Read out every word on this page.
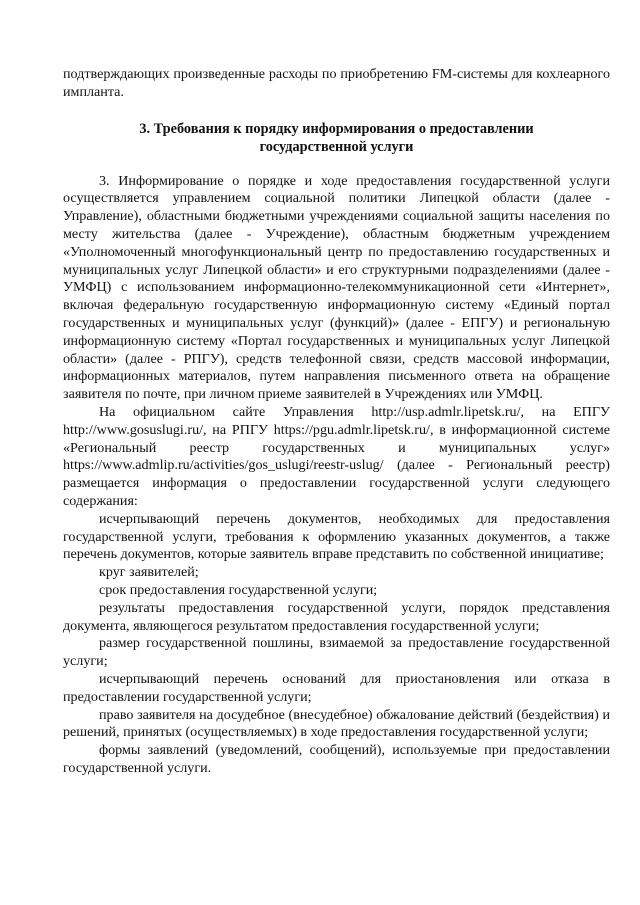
подтверждающих произведенные расходы по приобретению FM-системы для кохлеарного импланта.

3. Требования к порядку информирования о предоставлении
государственной услуги

3. Информирование о порядке и ходе предоставления государственной услуги осуществляется управлением социальной политики Липецкой области (далее - Управление), областными бюджетными учреждениями социальной защиты населения по месту жительства (далее - Учреждение), областным бюджетным учреждением «Уполномоченный многофункциональный центр по предоставлению государственных и муниципальных услуг Липецкой области» и его структурными подразделениями (далее - УМФЦ) с использованием информационно-телекоммуникационной сети «Интернет», включая федеральную государственную информационную систему «Единый портал государственных и муниципальных услуг (функций)» (далее - ЕПГУ) и региональную информационную систему «Портал государственных и муниципальных услуг Липецкой области» (далее - РПГУ), средств телефонной связи, средств массовой информации, информационных материалов, путем направления письменного ответа на обращение заявителя по почте, при личном приеме заявителей в Учреждениях или УМФЦ.

На официальном сайте Управления http://usp.admlr.lipetsk.ru/, на ЕПГУ http://www.gosuslugi.ru/, на РПГУ https://pgu.admlr.lipetsk.ru/, в информационной системе «Региональный реестр государственных и муниципальных услуг» https://www.admlip.ru/activities/gos_uslugi/reestr-uslug/ (далее - Региональный реестр) размещается информация о предоставлении государственной услуги следующего содержания:

исчерпывающий перечень документов, необходимых для предоставления государственной услуги, требования к оформлению указанных документов, а также перечень документов, которые заявитель вправе представить по собственной инициативе;

круг заявителей;

срок предоставления государственной услуги;

результаты предоставления государственной услуги, порядок представления документа, являющегося результатом предоставления государственной услуги;

размер государственной пошлины, взимаемой за предоставление государственной услуги;

исчерпывающий перечень оснований для приостановления или отказа в предоставлении государственной услуги;

право заявителя на досудебное (внесудебное) обжалование действий (бездействия) и решений, принятых (осуществляемых) в ходе предоставления государственной услуги;

формы заявлений (уведомлений, сообщений), используемые при предоставлении государственной услуги.
